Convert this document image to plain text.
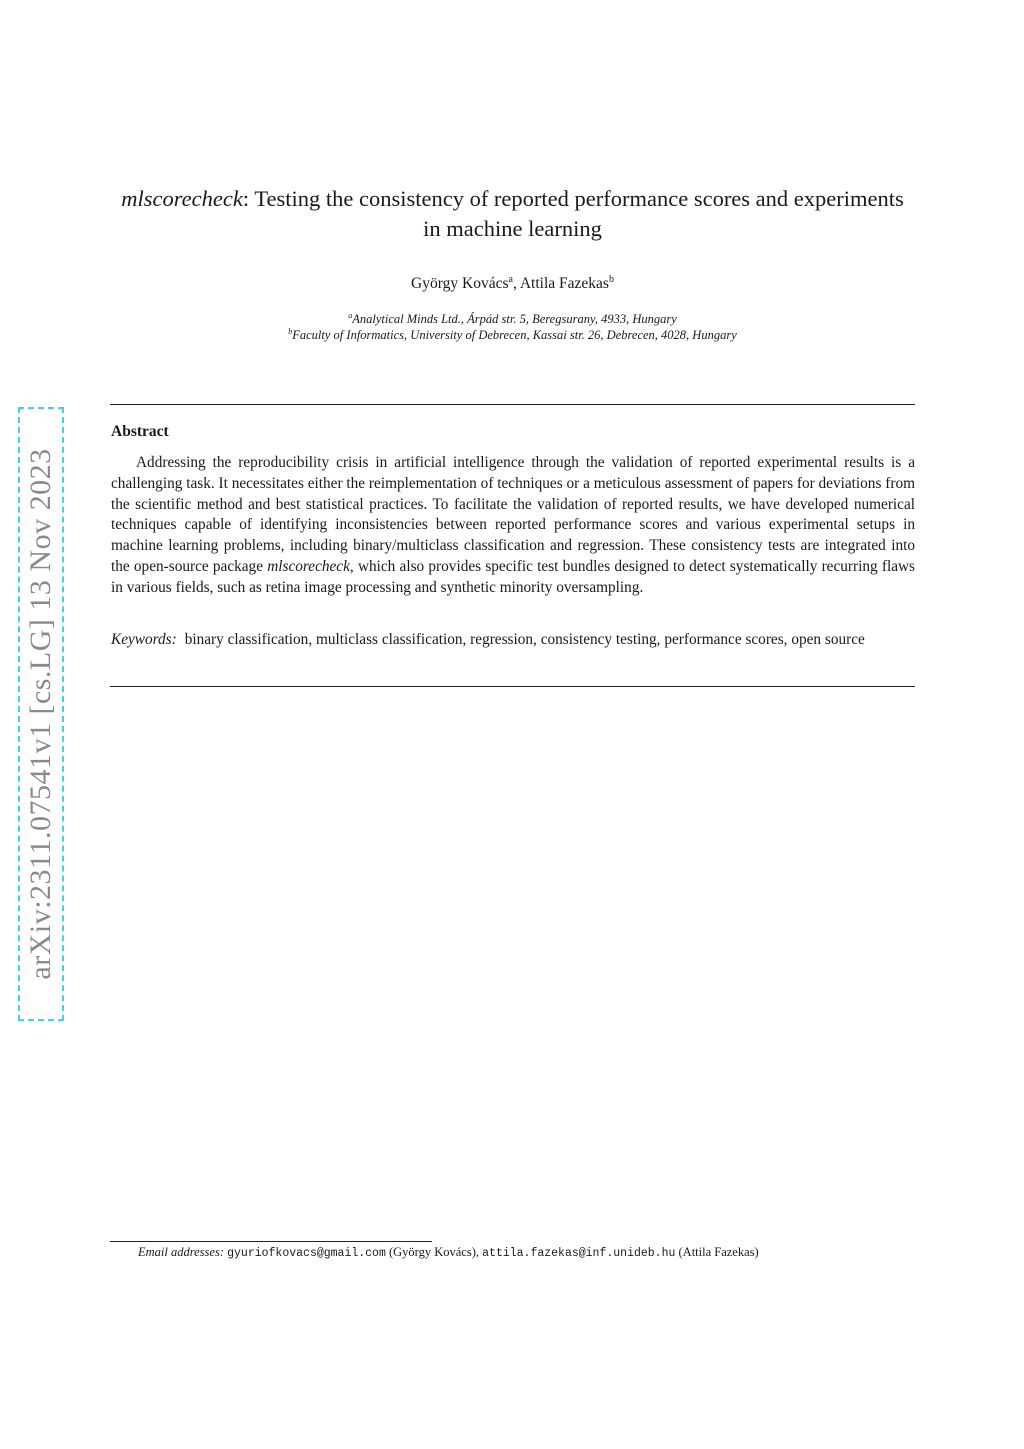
arXiv:2311.07541v1 [cs.LG] 13 Nov 2023
mlscorecheck: Testing the consistency of reported performance scores and experiments in machine learning
György Kovács$^a$, Attila Fazekas$^b$
$^a$Analytical Minds Ltd., Árpád str. 5, Beregsurany, 4933, Hungary
$^b$Faculty of Informatics, University of Debrecen, Kassai str. 26, Debrecen, 4028, Hungary
Abstract

Addressing the reproducibility crisis in artificial intelligence through the validation of reported experimental results is a challenging task. It necessitates either the reimplementation of techniques or a meticulous assessment of papers for deviations from the scientific method and best statistical practices. To facilitate the validation of reported results, we have developed numerical techniques capable of identifying inconsistencies between reported performance scores and various experimental setups in machine learning problems, including binary/multiclass classification and regression. These consistency tests are integrated into the open-source package mlscorecheck, which also provides specific test bundles designed to detect systematically recurring flaws in various fields, such as retina image processing and synthetic minority oversampling.

Keywords: binary classification, multiclass classification, regression, consistency testing, performance scores, open source

Email addresses: gyuriofkovacs@gmail.com (György Kovács), attila.fazekas@inf.unideb.hu (Attila Fazekas)
